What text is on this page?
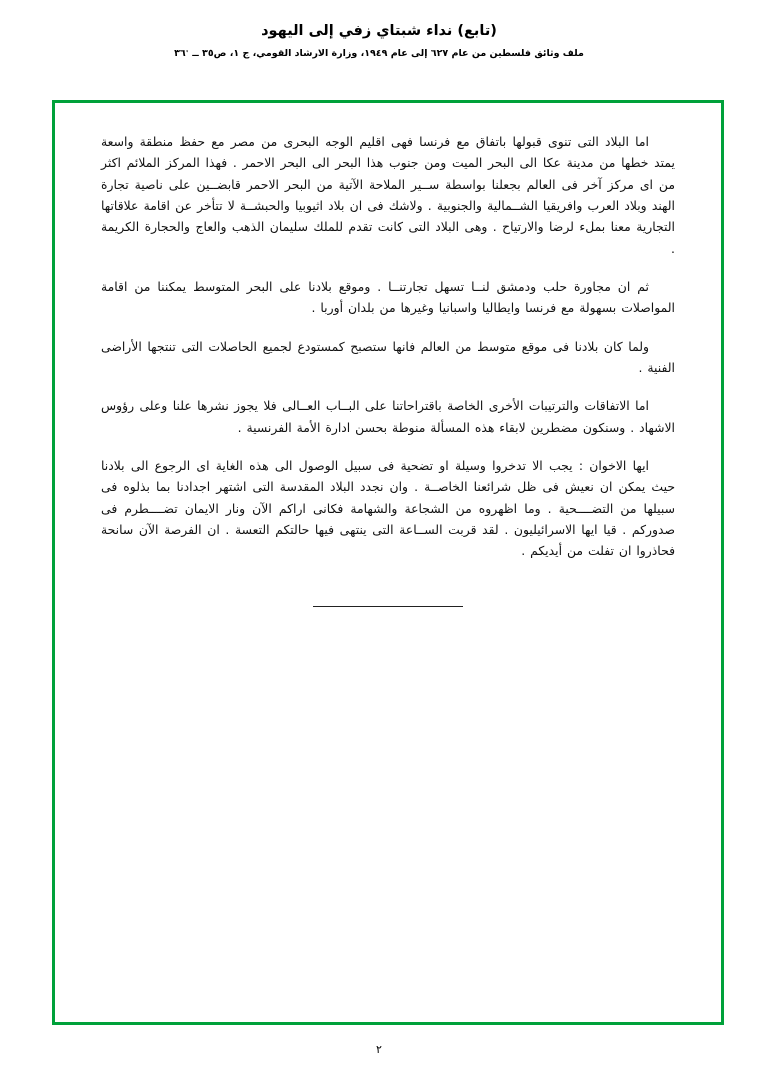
(تابع) نداء شبتاي زفي إلى اليهود
ملف وثائق فلسطين من عام ٦٢٧ إلى عام ١٩٤٩، وزارة الارشاد القومي، ج ١، ص٣٥ ــ ٣٦ˑ

اما البلاد التى تنوى قبولها باتفاق مع فرنسا فهى اقليم الوجه البحرى من مصر مع حفظ منطقة واسعة يمتد خطها من مدينة عكا الى البحر الميت ومن جنوب هذا البحر الى البحر الاحمر . فهذا المركز الملائم اكثر من اى مركز آخر فى العالم بجعلنا بواسطة ســير الملاحة الآتية من البحر الاحمر قابضــين على ناصية تجارة الهند وبلاد العرب وافريقيا الشــمالية والجنوبية . ولاشك فى ان بلاد اثيوبيا والحبشــة لا تتأخر عن اقامة علاقاتها التجارية معنا بملء لرضا والارتياح . وهى البلاد التى كانت تقدم للملك سليمان الذهب والعاج والحجارة الكريمة .

ثم ان مجاورة حلب ودمشق لنــا تسهل تجارتنــا . وموقع بلادنا على البحر المتوسط يمكننا من اقامة المواصلات بسهولة مع فرنسا وايطاليا واسبانيا وغيرها من بلدان أوربا .

ولما كان بلادنا فى موقع متوسط من العالم فانها ستصبح كمستودع لجميع الحاصلات التى تنتجها الأراضى الفنية .

اما الاتفاقات والترتيبات الأخرى الخاصة باقتراحاتنا على البــاب العــالى فلا يجوز نشرها علنا وعلى رؤوس الاشهاد . وسنكون مضطرين لابقاء هذه المسألة منوطة بحسن ادارة الأمة الفرنسية .

ايها الاخوان : يجب الا تدخروا وسيلة او تضحية فى سبيل الوصول الى هذه الغاية اى الرجوع الى بلادنا حيث يمكن ان نعيش فى ظل شرائعنا الخاصــة . وان نجدد البلاد المقدسة التى اشتهر اجدادنا بما بذلوه فى سبيلها من التضــــحية . وما اظهروه من الشجاعة والشهامة فكانى اراكم الآن ونار الايمان تضــــطرم فى صدوركم . قيا ايها الاسرائيليون . لقد قربت الســاعة التى ينتهى فيها حالتكم التعسة . ان الفرصة الآن سانحة فحاذروا ان تفلت من أيديكم .

٢
